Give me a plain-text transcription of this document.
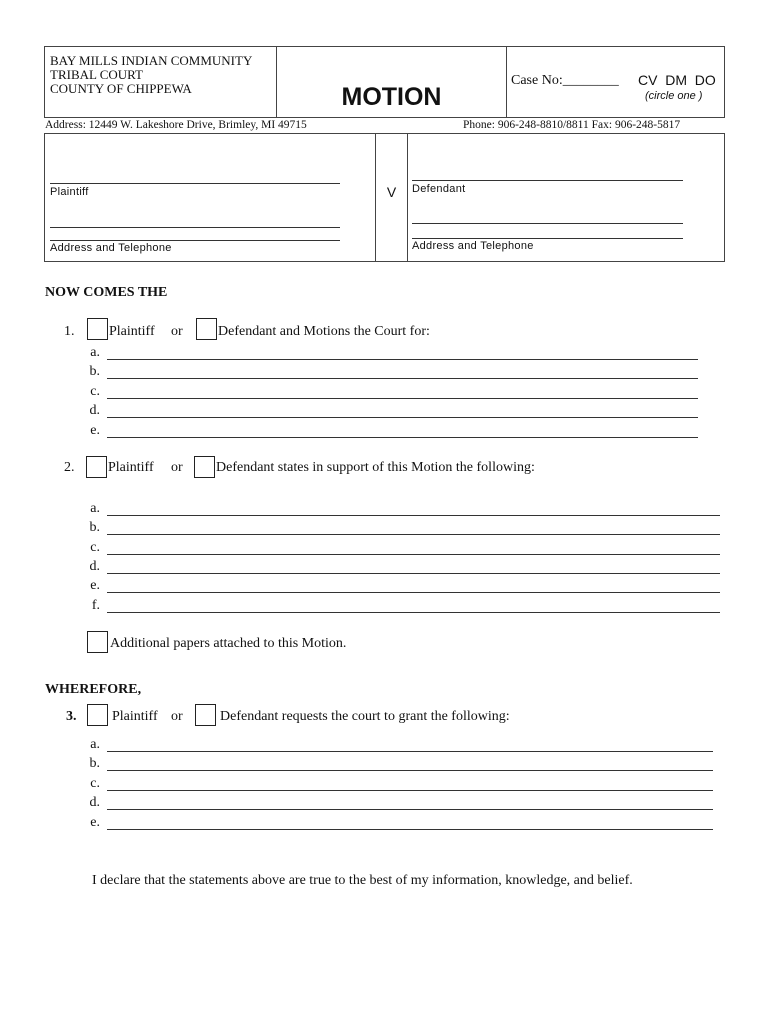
BAY MILLS INDIAN COMMUNITY
TRIBAL COURT
COUNTY OF CHIPPEWA	MOTION
Case No:________ CV  DM  DO
(circle one )
Address: 12449 W. Lakeshore Drive, Brimley, MI 49715	Phone: 906-248-8810/8811 Fax: 906-248-5817
Plaintiff
Address and Telephone
V	Defendant
Address and Telephone
NOW COMES THE
1. Plaintiff or	Defendant and Motions the Court for:
a.
b.
c.
d.
e.
2. Plaintiff or Defendant states in support of this Motion the following:
a.
b.
c.
d.
e.
f.
Additional papers attached to this Motion.
WHEREFORE,
3.	Plaintiff or	Defendant requests the court to grant the following:
a.
b.
c.
d.
e.
I declare that the statements above are true to the best of my information, knowledge, and belief.
